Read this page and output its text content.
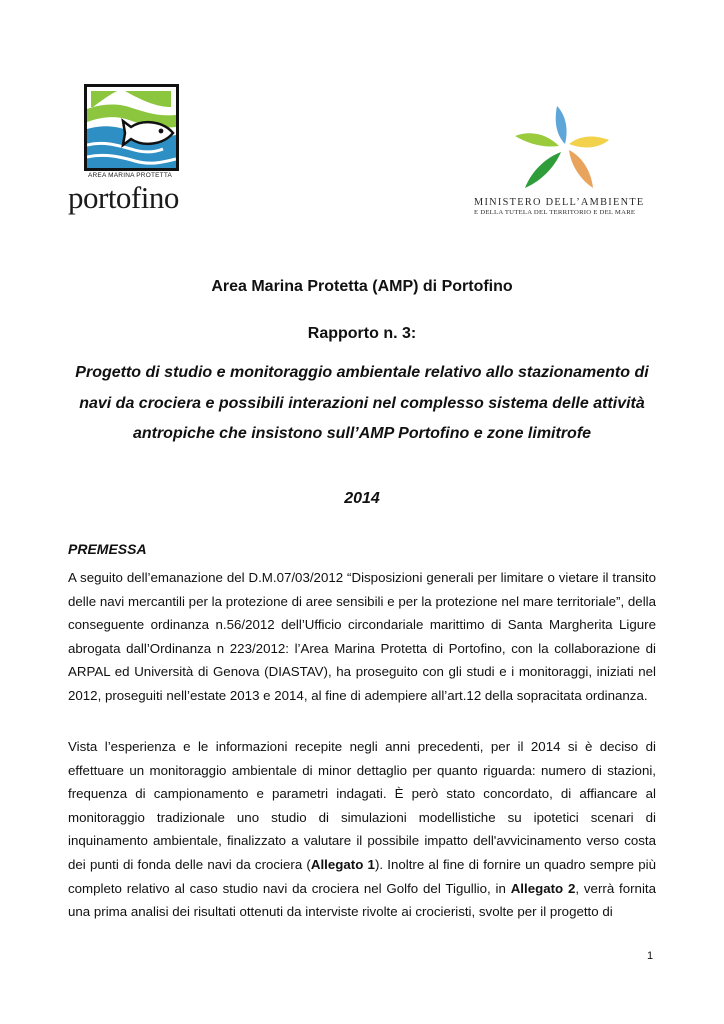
AREA MARINA PROTETTA
portofino	MINISTERO DELL’AMBIENTE
E DELLA TUTELA DEL TERRITORIO E DEL MARE
Area Marina Protetta (AMP) di Portofino
Rapporto n. 3:
Progetto di studio e monitoraggio ambientale relativo allo stazionamento di navi da crociera e possibili interazioni nel complesso sistema delle attività antropiche che insistono sull’AMP Portofino e zone limitrofe
2014
PREMESSA

A seguito dell’emanazione del D.M.07/03/2012 “Disposizioni generali per limitare o vietare il transito delle navi mercantili per la protezione di aree sensibili e per la protezione nel mare territoriale”, della conseguente ordinanza n.56/2012 dell’Ufficio circondariale marittimo di Santa Margherita Ligure abrogata dall’Ordinanza n 223/2012: l’Area Marina Protetta di Portofino, con la collaborazione di ARPAL ed Università di Genova (DIASTAV), ha proseguito con gli studi e i monitoraggi, iniziati nel 2012, proseguiti nell’estate 2013 e 2014, al fine di adempiere all’art.12 della sopracitata ordinanza.

Vista l’esperienza e le informazioni recepite negli anni precedenti, per il 2014 si è deciso di effettuare un monitoraggio ambientale di minor dettaglio per quanto riguarda: numero di stazioni, frequenza di campionamento e parametri indagati. È però stato concordato, di affiancare al monitoraggio tradizionale uno studio di simulazioni modellistiche su ipotetici scenari di inquinamento ambientale, finalizzato a valutare il possibile impatto dell'avvicinamento verso costa dei punti di fonda delle navi da crociera (Allegato 1). Inoltre al fine di fornire un quadro sempre più completo relativo al caso studio navi da crociera nel Golfo del Tigullio, in Allegato 2, verrà fornita una prima analisi dei risultati ottenuti da interviste rivolte ai crocieristi, svolte per il progetto di

1
